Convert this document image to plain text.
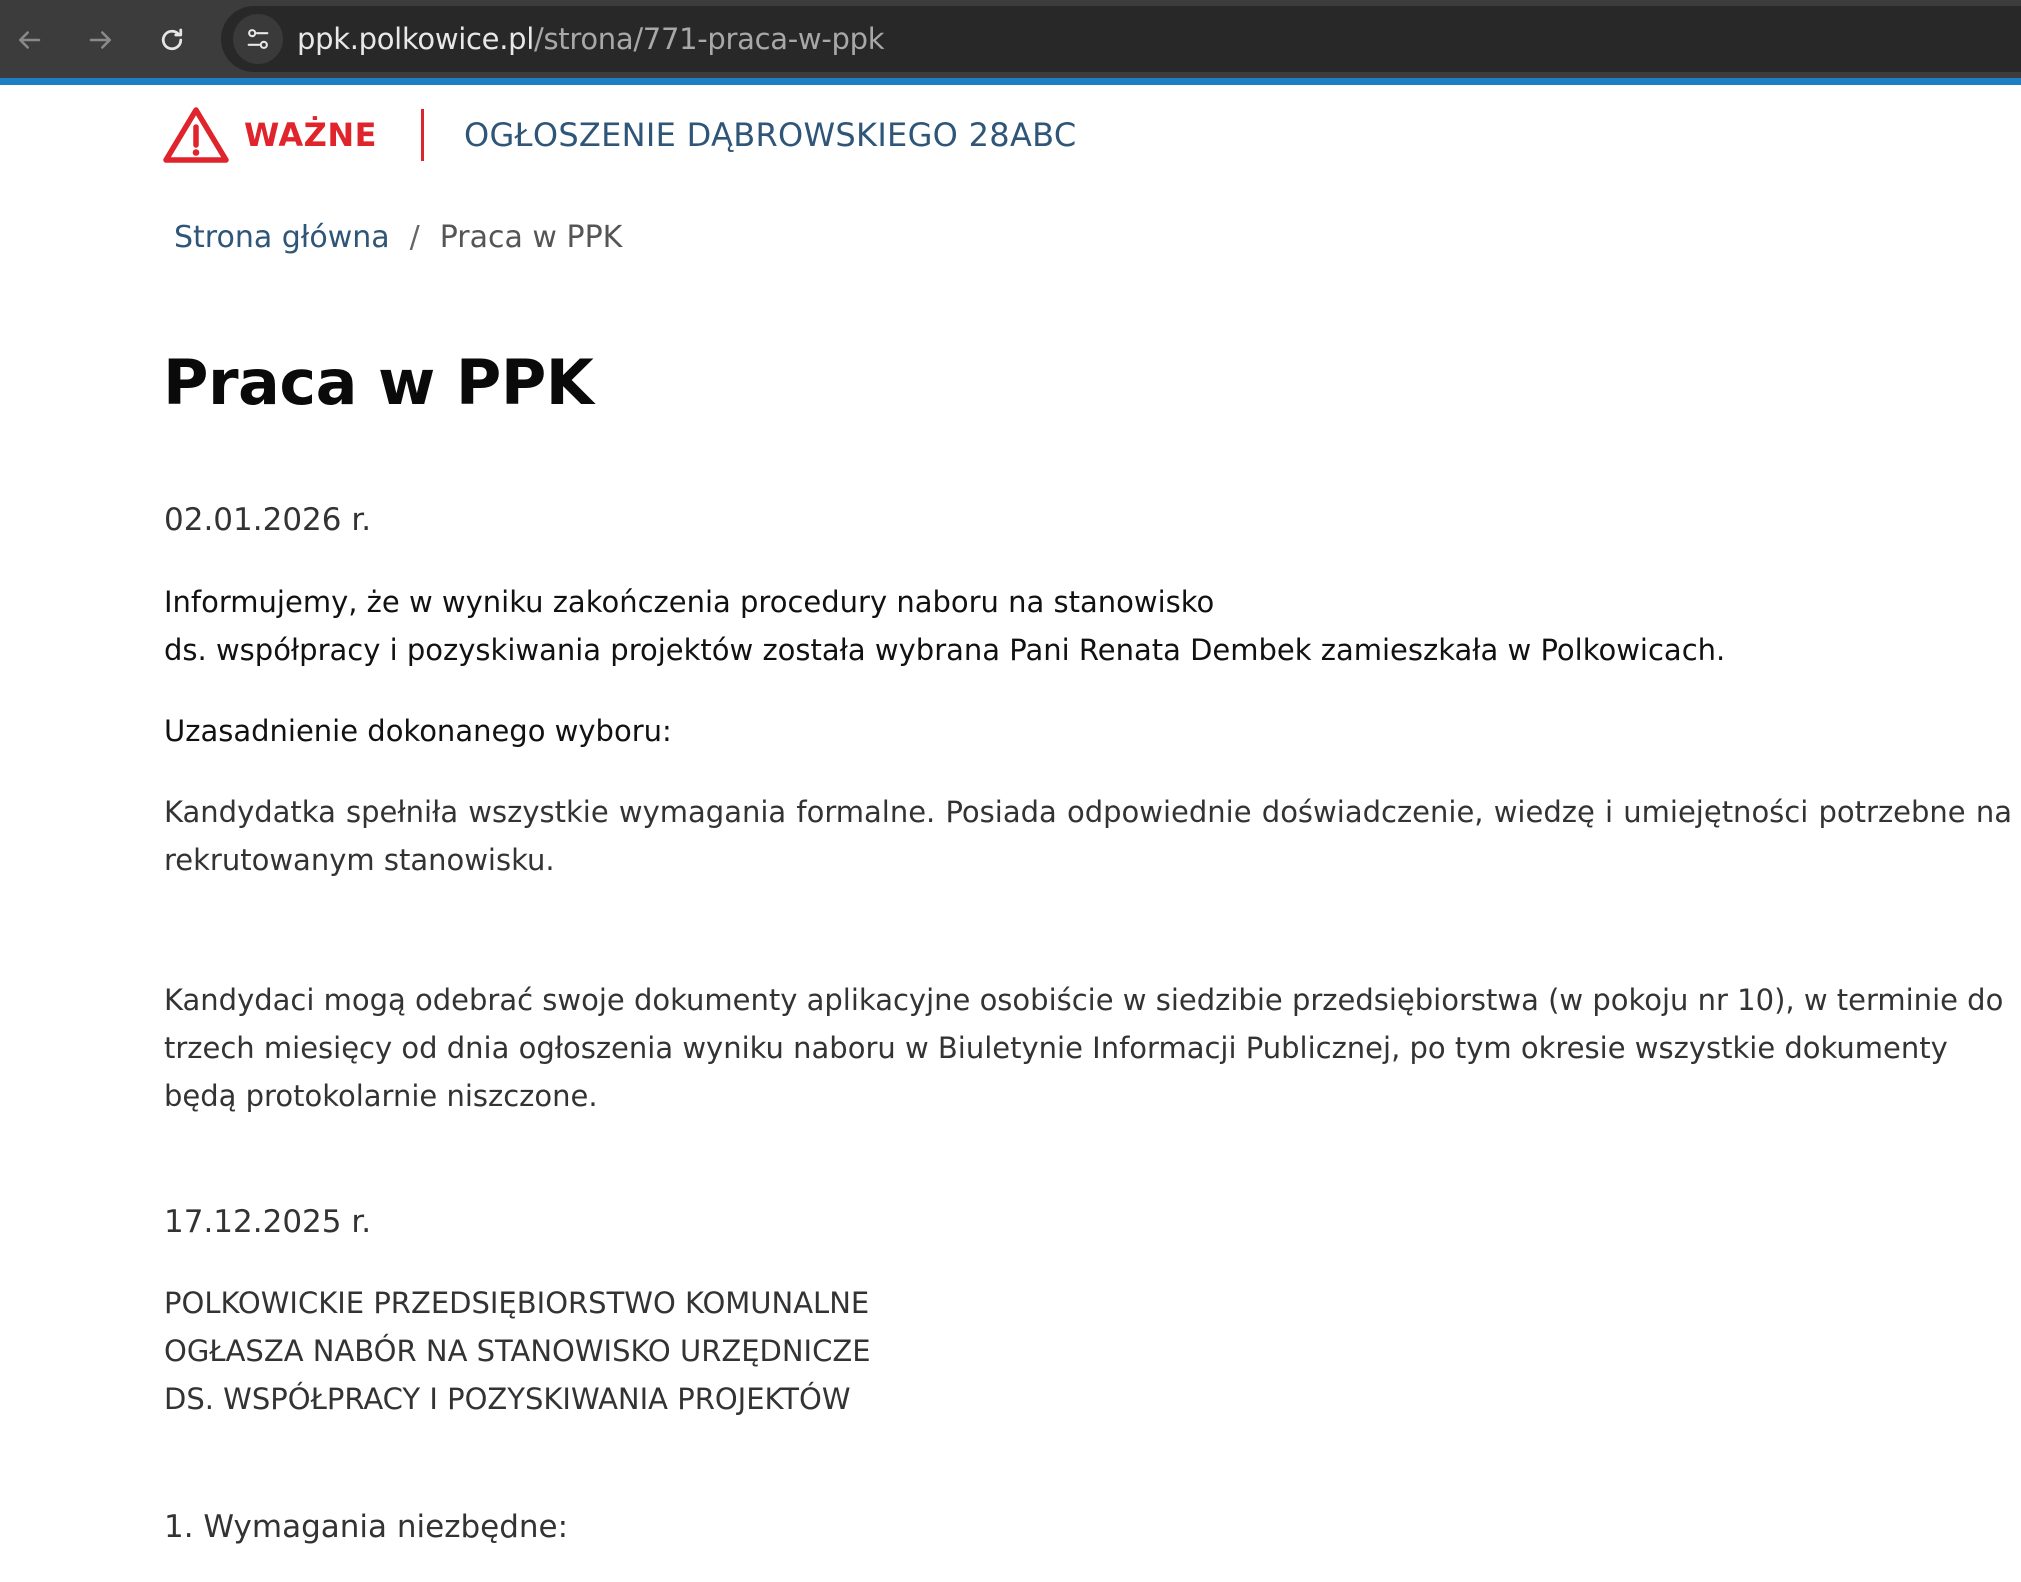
ppk.polkowice.pl/strona/771-praca-w-ppk
WAŻNE	OGŁOSZENIE DĄBROWSKIEGO 28ABC
Strona główna / Praca w PPK
Praca w PPK
02.01.2026 r.
Informujemy, że w wyniku zakończenia procedury naboru na stanowisko
ds. współpracy i pozyskiwania projektów została wybrana Pani Renata Dembek zamieszkała w Polkowicach.
Uzasadnienie dokonanego wyboru:
Kandydatka spełniła wszystkie wymagania formalne. Posiada odpowiednie doświadczenie, wiedzę i umiejętności potrzebne na rekrutowanym stanowisku.
Kandydaci mogą odebrać swoje dokumenty aplikacyjne osobiście w siedzibie przedsiębiorstwa (w pokoju nr 10), w terminie do trzech miesięcy od dnia ogłoszenia wyniku naboru w Biuletynie Informacji Publicznej, po tym okresie wszystkie dokumenty będą protokolarnie niszczone.
17.12.2025 r.
POLKOWICKIE PRZEDSIĘBIORSTWO KOMUNALNE
OGŁASZA NABÓR NA STANOWISKO URZĘDNICZE
DS. WSPÓŁPRACY I POZYSKIWANIA PROJEKTÓW
1. Wymagania niezbędne:
